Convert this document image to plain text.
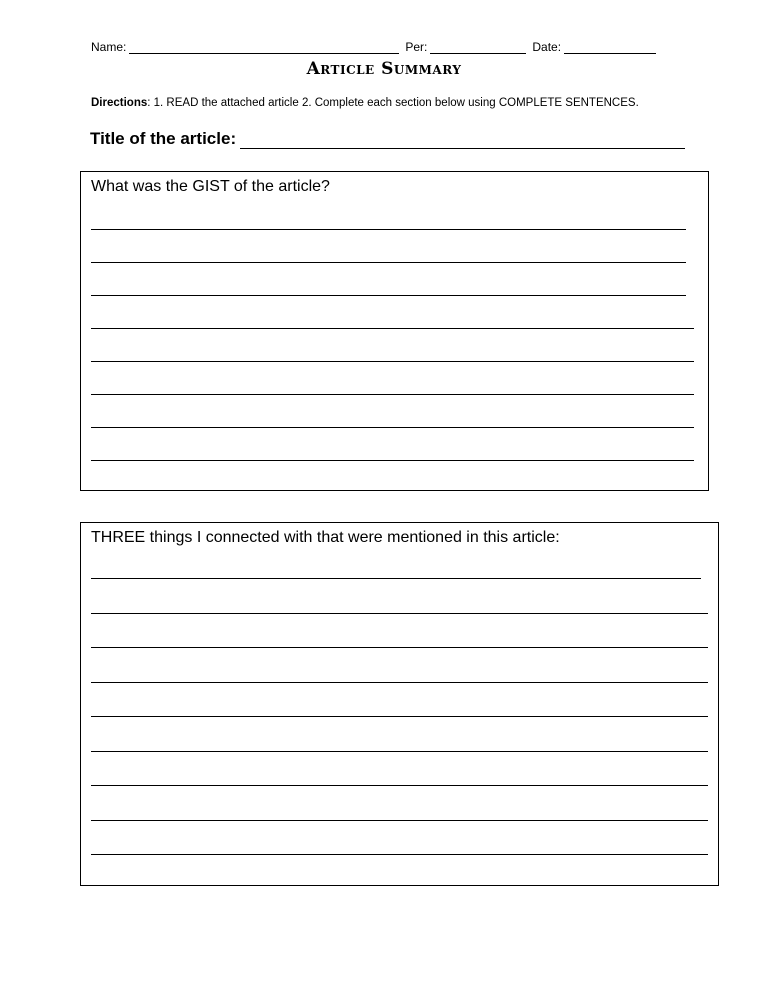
Name:	Per:	Date:
Article Summary
Directions: 1. READ the attached article 2. Complete each section below using COMPLETE SENTENCES.
Title of the article:
What was the GIST of the article?
THREE things I connected with that were mentioned in this article:
